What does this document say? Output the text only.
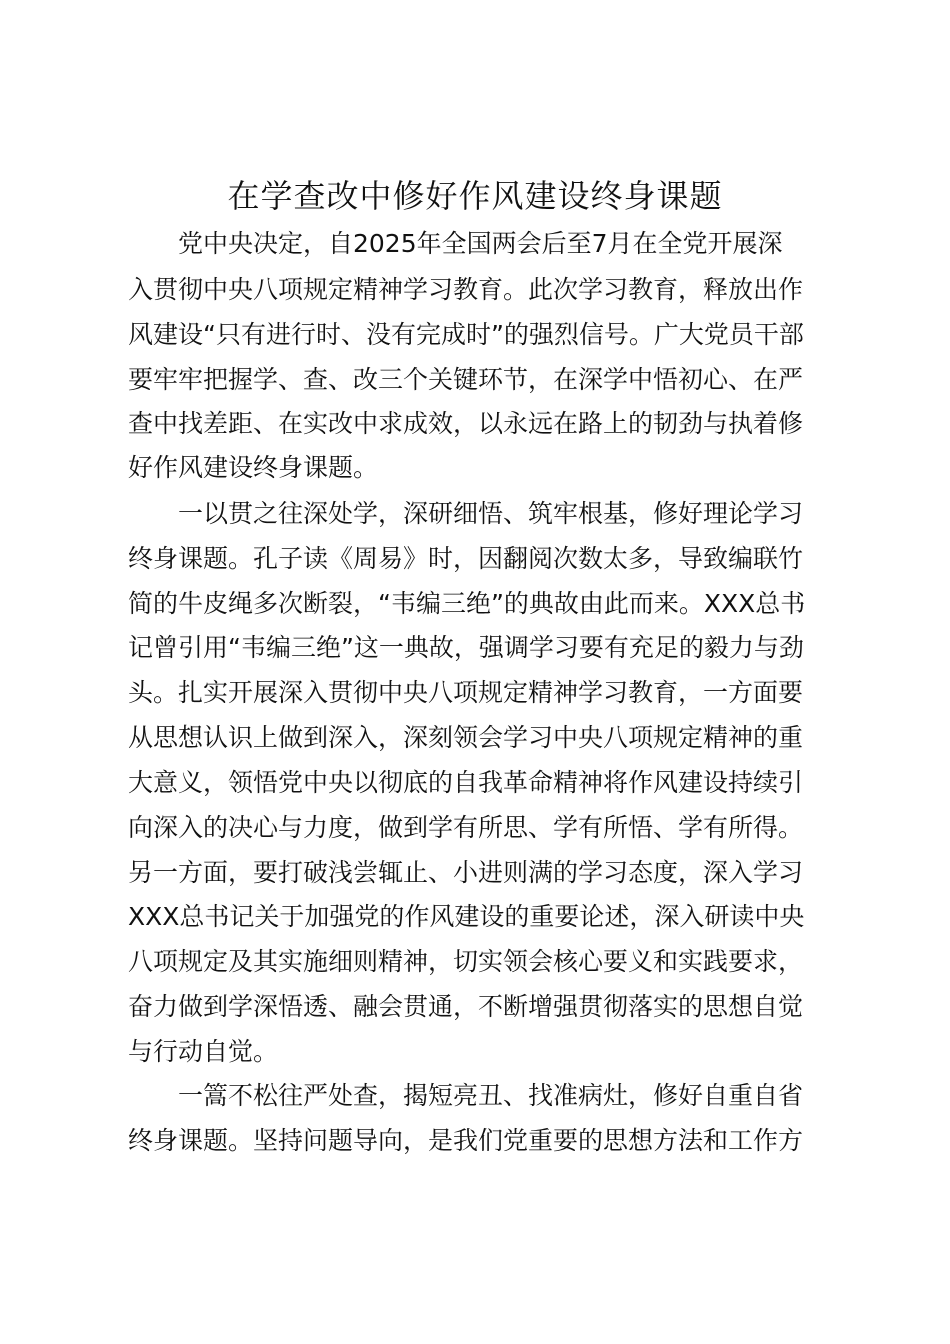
在学查改中修好作风建设终身课题
党中央决定，自2025年全国两会后至7月在全党开展深
入贯彻中央八项规定精神学习教育。此次学习教育，释放出作
风建设“只有进行时、没有完成时”的强烈信号。广大党员干部
要牢牢把握学、查、改三个关键环节，在深学中悟初心、在严
查中找差距、在实改中求成效，以永远在路上的韧劲与执着修
好作风建设终身课题。
一以贯之往深处学，深研细悟、筑牢根基，修好理论学习
终身课题。孔子读《周易》时，因翻阅次数太多，导致编联竹
简的牛皮绳多次断裂，“韦编三绝”的典故由此而来。XXX总书
记曾引用“韦编三绝”这一典故，强调学习要有充足的毅力与劲
头。扎实开展深入贯彻中央八项规定精神学习教育，一方面要
从思想认识上做到深入，深刻领会学习中央八项规定精神的重
大意义，领悟党中央以彻底的自我革命精神将作风建设持续引
向深入的决心与力度，做到学有所思、学有所悟、学有所得。
另一方面，要打破浅尝辄止、小进则满的学习态度，深入学习
XXX总书记关于加强党的作风建设的重要论述，深入研读中央
八项规定及其实施细则精神，切实领会核心要义和实践要求，
奋力做到学深悟透、融会贯通，不断增强贯彻落实的思想自觉
与行动自觉。
一篙不松往严处查，揭短亮丑、找准病灶，修好自重自省
终身课题。坚持问题导向，是我们党重要的思想方法和工作方
